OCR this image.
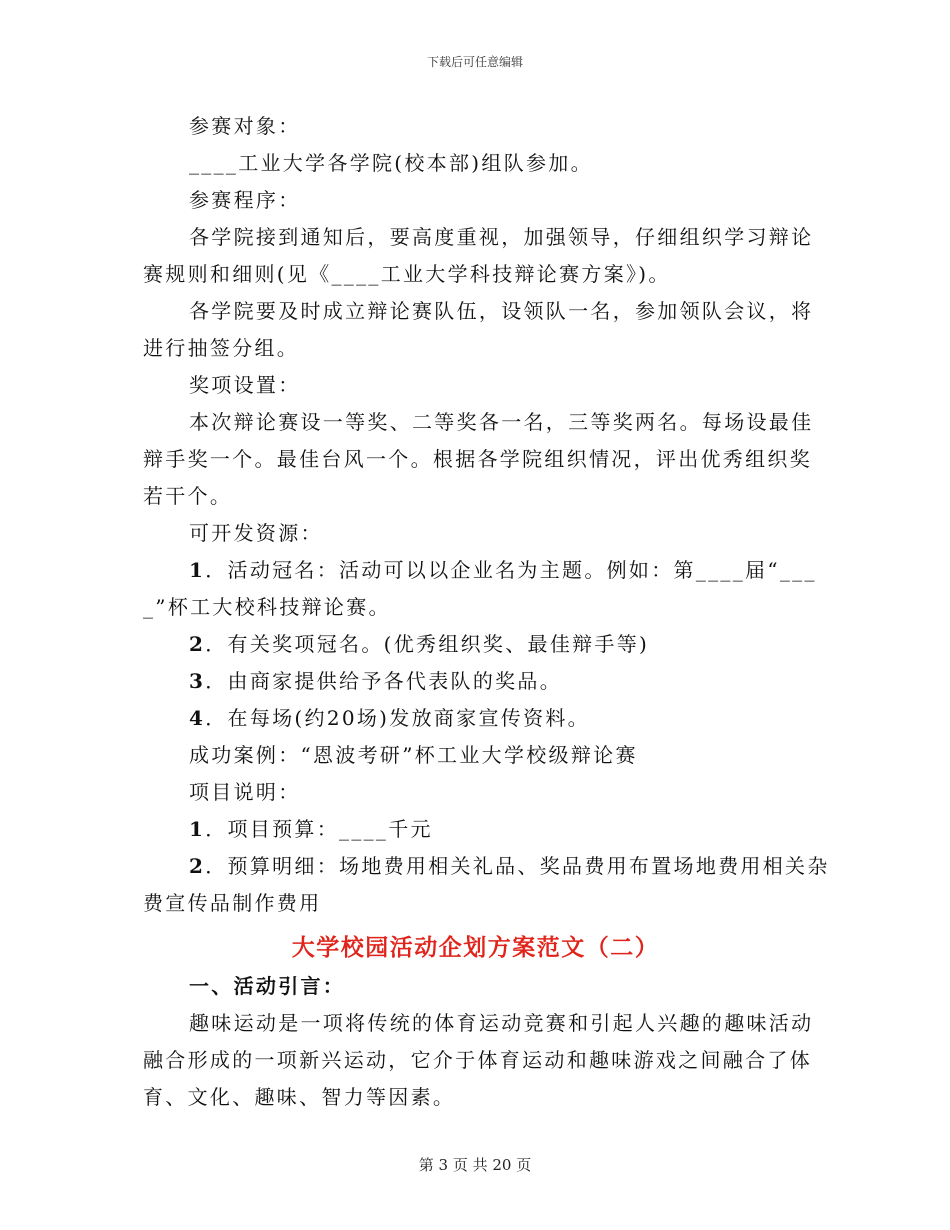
下载后可任意编辑
参赛对象：
____工业大学各学院(校本部)组队参加。
参赛程序：
各学院接到通知后，要高度重视，加强领导，仔细组织学习辩论
赛规则和细则(见《____工业大学科技辩论赛方案》)。
各学院要及时成立辩论赛队伍，设领队一名，参加领队会议，将
进行抽签分组。
奖项设置：
本次辩论赛设一等奖、二等奖各一名，三等奖两名。每场设最佳
辩手奖一个。最佳台风一个。根据各学院组织情况，评出优秀组织奖
若干个。
可开发资源：
1．活动冠名：活动可以以企业名为主题。例如：第____届“___
_”杯工大校科技辩论赛。
2．有关奖项冠名。(优秀组织奖、最佳辩手等)
3．由商家提供给予各代表队的奖品。
4．在每场(约20场)发放商家宣传资料。
成功案例：“恩波考研”杯工业大学校级辩论赛
项目说明：
1．项目预算：____千元
2．预算明细：场地费用相关礼品、奖品费用布置场地费用相关杂
费宣传品制作费用
大学校园活动企划方案范文（二）
一、活动引言：
趣味运动是一项将传统的体育运动竞赛和引起人兴趣的趣味活动
融合形成的一项新兴运动，它介于体育运动和趣味游戏之间融合了体
育、文化、趣味、智力等因素。
第 3 页 共 20 页
